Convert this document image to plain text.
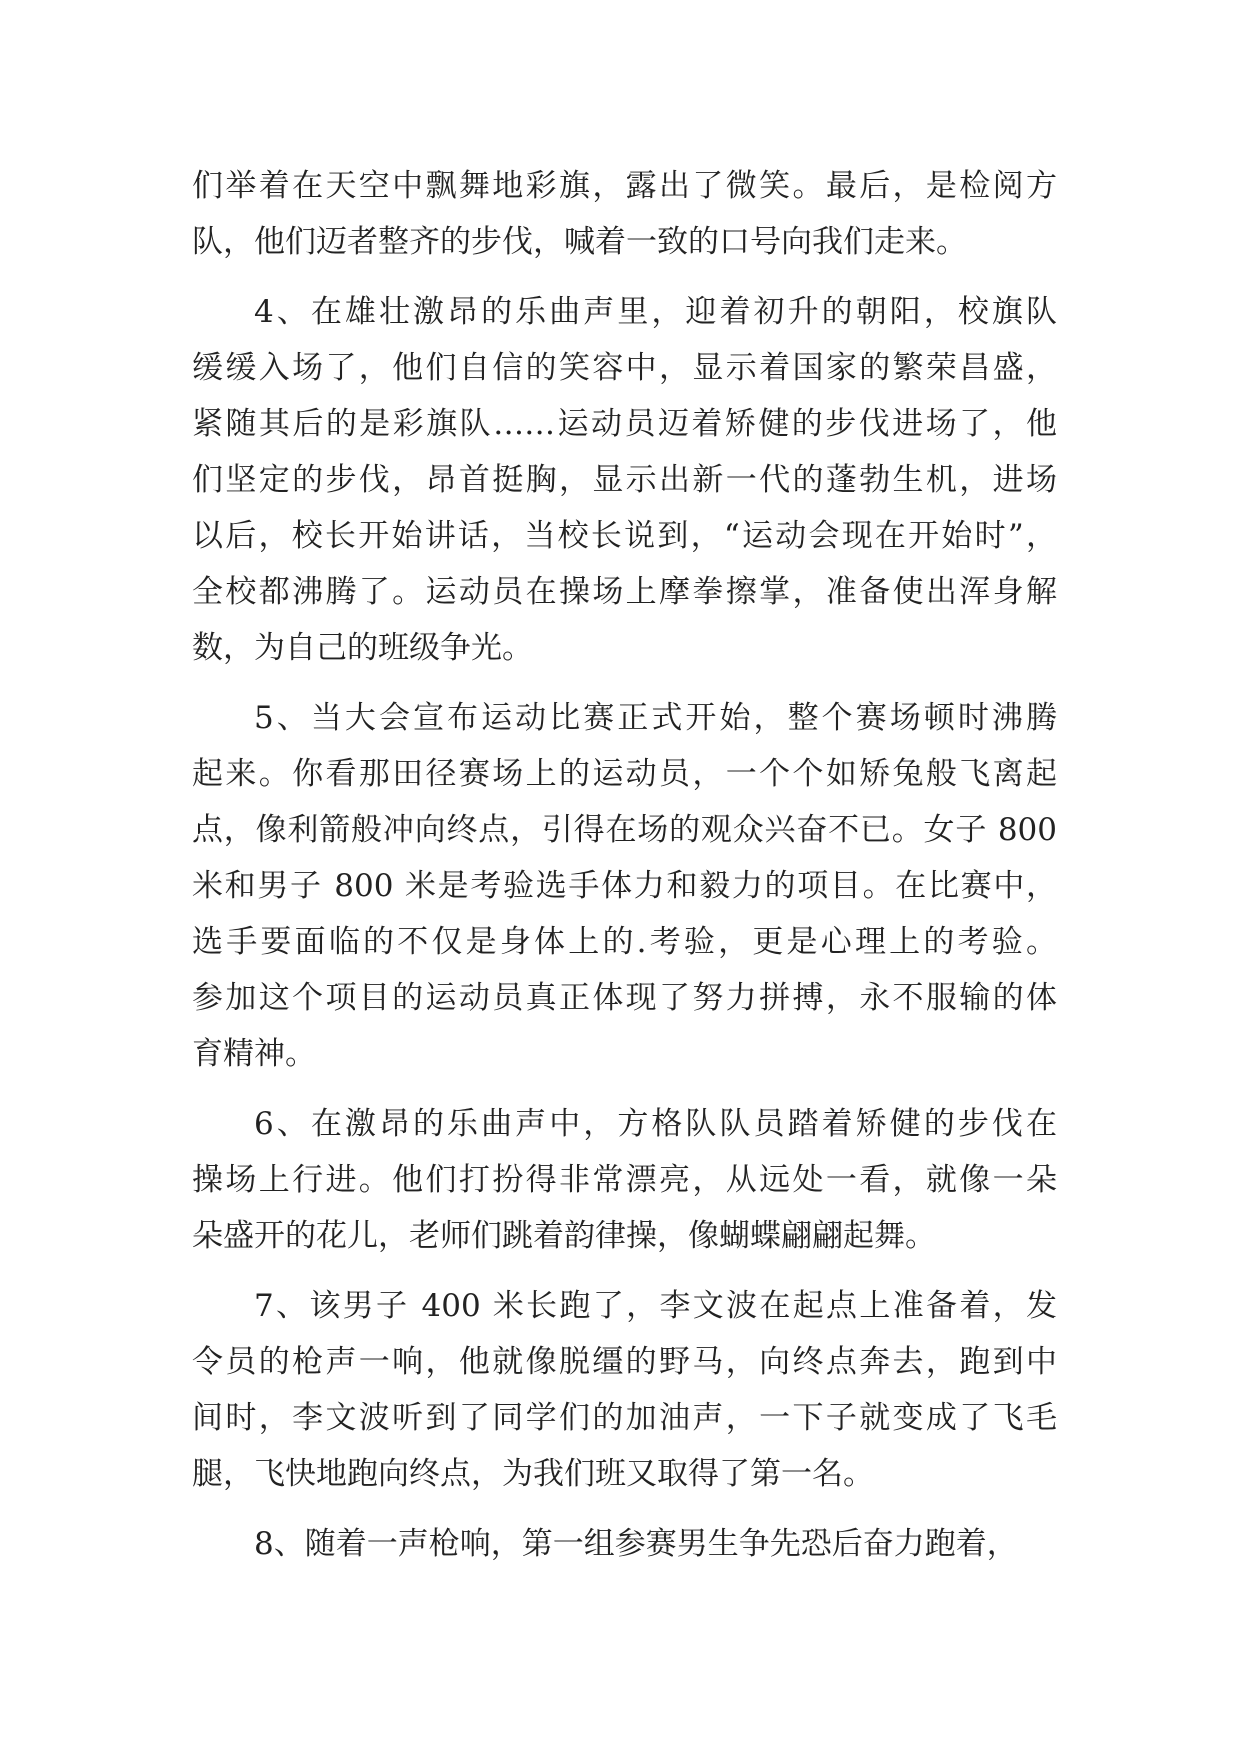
们举着在天空中飘舞地彩旗，露出了微笑。最后，是检阅方
队，他们迈者整齐的步伐，喊着一致的口号向我们走来。
4、在雄壮激昂的乐曲声里，迎着初升的朝阳，校旗队
缓缓入场了，他们自信的笑容中，显示着国家的繁荣昌盛，
紧随其后的是彩旗队……运动员迈着矫健的步伐进场了，他
们坚定的步伐，昂首挺胸，显示出新一代的蓬勃生机，进场
以后，校长开始讲话，当校长说到，“运动会现在开始时”，
全校都沸腾了。运动员在操场上摩拳擦掌，准备使出浑身解
数，为自己的班级争光。
5、当大会宣布运动比赛正式开始，整个赛场顿时沸腾
起来。你看那田径赛场上的运动员，一个个如矫兔般飞离起
点，像利箭般冲向终点，引得在场的观众兴奋不已。女子 800
米和男子 800 米是考验选手体力和毅力的项目。在比赛中，
选手要面临的不仅是身体上的.考验，更是心理上的考验。
参加这个项目的运动员真正体现了努力拼搏，永不服输的体
育精神。
6、在激昂的乐曲声中，方格队队员踏着矫健的步伐在
操场上行进。他们打扮得非常漂亮，从远处一看，就像一朵
朵盛开的花儿，老师们跳着韵律操，像蝴蝶翩翩起舞。
7、该男子 400 米长跑了，李文波在起点上准备着，发
令员的枪声一响，他就像脱缰的野马，向终点奔去，跑到中
间时，李文波听到了同学们的加油声，一下子就变成了飞毛
腿，飞快地跑向终点，为我们班又取得了第一名。
8、随着一声枪响，第一组参赛男生争先恐后奋力跑着，
